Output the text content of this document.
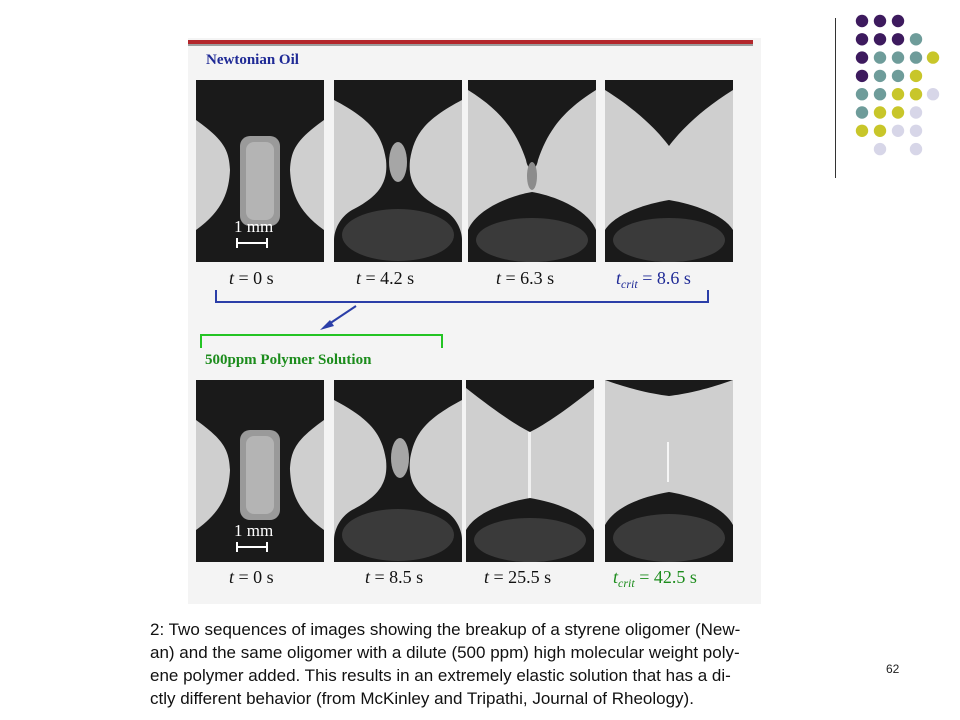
Newtonian Oil
500ppm Polymer Solution
1 mm
t = 0 s	t = 4.2 s	t = 6.3 s	$t_{crit} = 8.6$ s
1 mm
t = 0 s	t = 8.5 s	t = 25.5 s	$t_{crit} = 42.5$ s
2: Two sequences of images showing the breakup of a styrene oligomer (New-
an) and the same oligomer with a dilute (500 ppm) high molecular weight poly-
ene polymer added. This results in an extremely elastic solution that has a di-
ctly different behavior (from McKinley and Tripathi, Journal of Rheology).
62
